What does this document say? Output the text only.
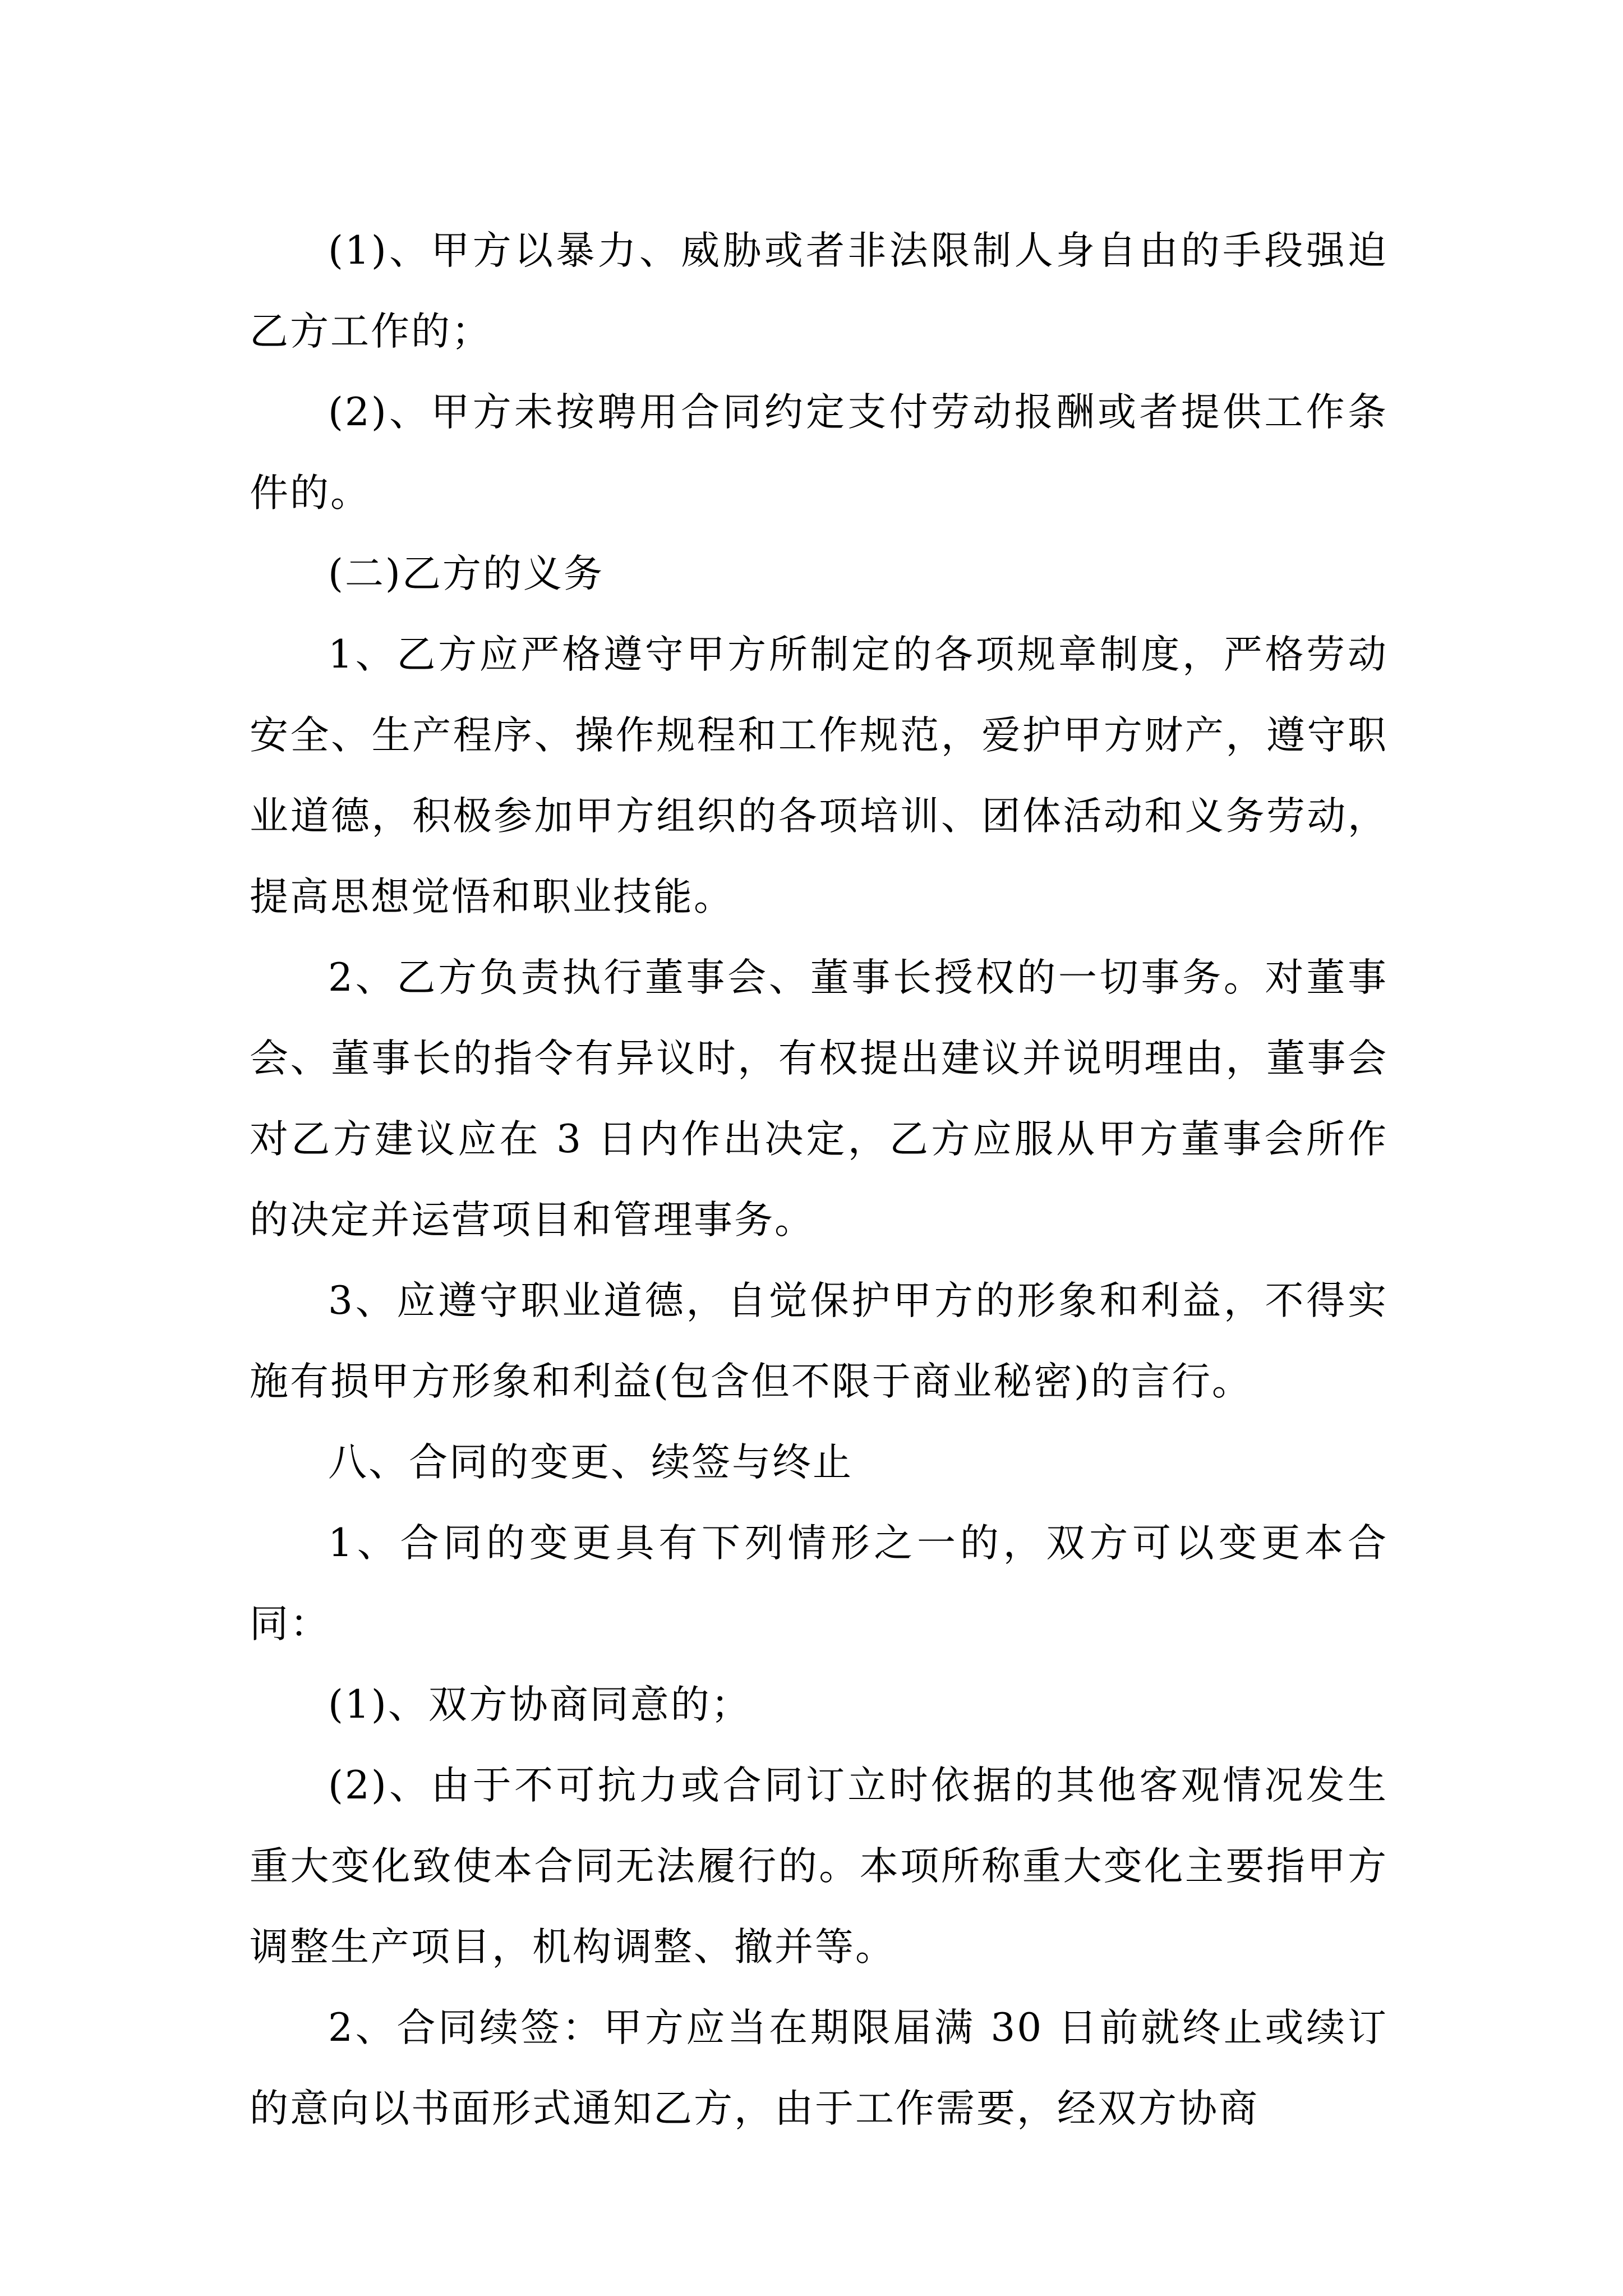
(1)、甲方以暴力、威胁或者非法限制人身自由的手段强迫乙方工作的；

(2)、甲方未按聘用合同约定支付劳动报酬或者提供工作条件的。

(二)乙方的义务

1、乙方应严格遵守甲方所制定的各项规章制度，严格劳动安全、生产程序、操作规程和工作规范，爱护甲方财产，遵守职业道德，积极参加甲方组织的各项培训、团体活动和义务劳动，提高思想觉悟和职业技能。

2、乙方负责执行董事会、董事长授权的一切事务。对董事会、董事长的指令有异议时，有权提出建议并说明理由，董事会对乙方建议应在 3 日内作出决定，乙方应服从甲方董事会所作的决定并运营项目和管理事务。

3、应遵守职业道德，自觉保护甲方的形象和利益，不得实施有损甲方形象和利益(包含但不限于商业秘密)的言行。

八、合同的变更、续签与终止

1、合同的变更具有下列情形之一的，双方可以变更本合同：

(1)、双方协商同意的；

(2)、由于不可抗力或合同订立时依据的其他客观情况发生重大变化致使本合同无法履行的。本项所称重大变化主要指甲方调整生产项目，机构调整、撤并等。

2、合同续签：甲方应当在期限届满 30 日前就终止或续订的意向以书面形式通知乙方，由于工作需要，经双方协商
